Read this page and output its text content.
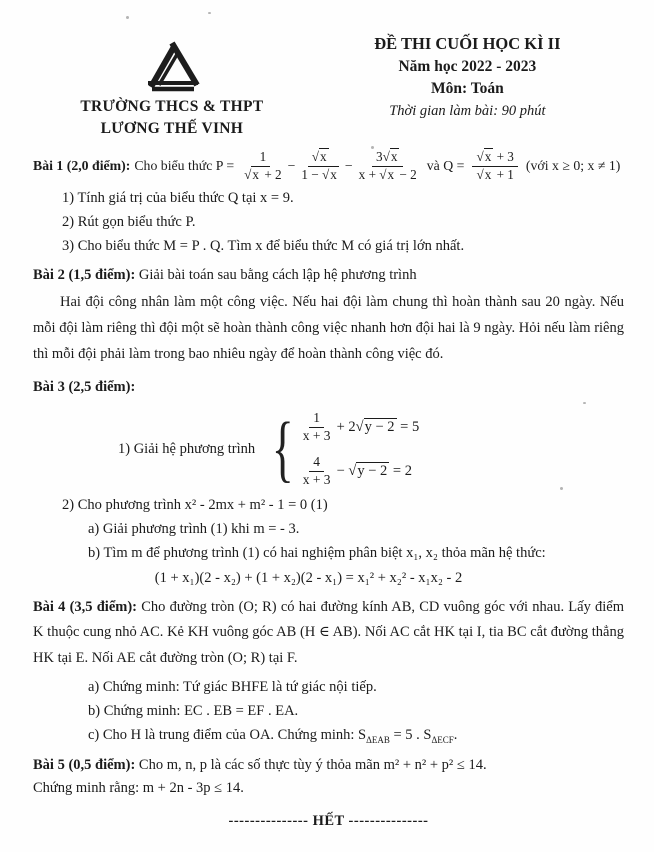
TRƯỜNG THCS & THPT
LƯƠNG THẾ VINH
ĐỀ THI CUỐI HỌC KÌ II
Năm học 2022 - 2023
Môn: Toán
Thời gian làm bài: 90 phút
Bài 1 (2,0 điểm): Cho biểu thức $P = \frac{1}{√x + 2} - \frac{√x}{1 - √x} - \frac{3√x}{x + √x - 2}$ và $Q = \frac{√x + 3}{√x + 1}$ (với x ≥ 0; x ≠ 1)
1) Tính giá trị của biểu thức Q tại x = 9.
2) Rút gọn biểu thức P.
3) Cho biểu thức M = P . Q. Tìm x để biểu thức M có giá trị lớn nhất.
Bài 2 (1,5 điểm): Giải bài toán sau bằng cách lập hệ phương trình
Hai đội công nhân làm một công việc. Nếu hai đội làm chung thì hoàn thành sau 20 ngày. Nếu mỗi đội làm riêng thì đội một sẽ hoàn thành công việc nhanh hơn đội hai là 9 ngày. Hỏi nếu làm riêng thì mỗi đội phải làm trong bao nhiêu ngày để hoàn thành công việc đó.
Bài 3 (2,5 điểm):
1) Giải hệ phương trình { $\frac{1}{x + 3} + 2√y - 2 = 5$
$\frac{4}{x + 3} - √y - 2 = 2$
2) Cho phương trình x² - 2mx + m² - 1 = 0 (1)
a) Giải phương trình (1) khi m = - 3.
b) Tìm m để phương trình (1) có hai nghiệm phân biệt x₁, x₂ thỏa mãn hệ thức:
(1 + x₁)(2 - x₂) + (1 + x₂)(2 - x₁) = x₁² + x₂² - x₁x₂ - 2
Bài 4 (3,5 điểm): Cho đường tròn (O; R) có hai đường kính AB, CD vuông góc với nhau. Lấy điểm K thuộc cung nhỏ AC. Kẻ KH vuông góc AB (H ∈ AB). Nối AC cắt HK tại I, tia BC cắt đường thẳng HK tại E. Nối AE cắt đường tròn (O; R) tại F.
a) Chứng minh: Tứ giác BHFE là tứ giác nội tiếp.
b) Chứng minh: EC . EB = EF . EA.
c) Cho H là trung điểm của OA. Chứng minh: $S_{\Delta EAB} = 5$ . $S_{\Delta ECF}$.
Bài 5 (0,5 điểm): Cho m, n, p là các số thực tùy ý thỏa mãn m² + n² + p² ≤ 14.
Chứng minh rằng: m + 2n - 3p ≤ 14.
--------------- HẾT ---------------
